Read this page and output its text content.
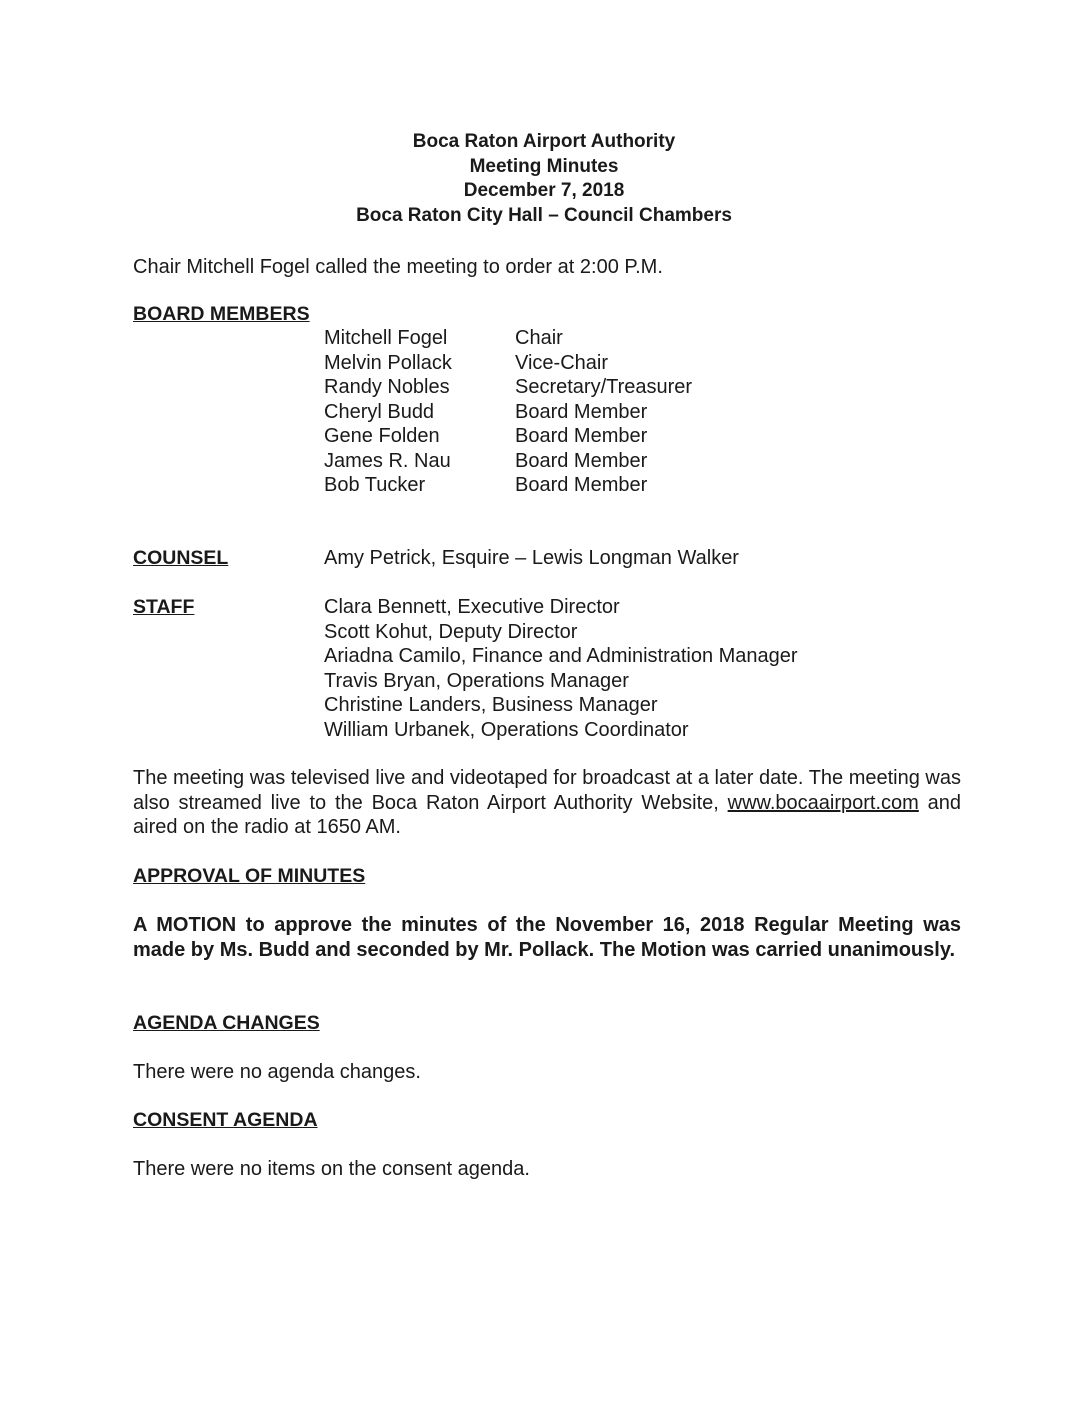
Boca Raton Airport Authority
Meeting Minutes
December 7, 2018
Boca Raton City Hall – Council Chambers
Chair Mitchell Fogel called the meeting to order at 2:00 P.M.
BOARD MEMBERS
Mitchell Fogel	Chair
Melvin Pollack	Vice-Chair
Randy Nobles	Secretary/Treasurer
Cheryl Budd	Board Member
Gene Folden	Board Member
James R. Nau	Board Member
Bob Tucker	Board Member
COUNSEL	Amy Petrick, Esquire – Lewis Longman Walker
STAFF	Clara Bennett, Executive Director
Scott Kohut, Deputy Director
Ariadna Camilo, Finance and Administration Manager
Travis Bryan, Operations Manager
Christine Landers, Business Manager
William Urbanek, Operations Coordinator
The meeting was televised live and videotaped for broadcast at a later date. The meeting was also streamed live to the Boca Raton Airport Authority Website, www.bocaairport.com and aired on the radio at 1650 AM.
APPROVAL OF MINUTES
A MOTION to approve the minutes of the November 16, 2018 Regular Meeting was made by Ms. Budd and seconded by Mr. Pollack. The Motion was carried unanimously.
AGENDA CHANGES
There were no agenda changes.
CONSENT AGENDA
There were no items on the consent agenda.
